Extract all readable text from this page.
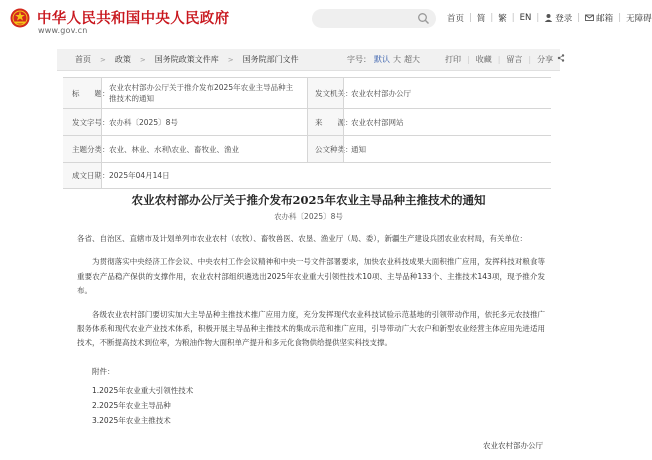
中华人民共和国中央人民政府
www.gov.cn
首页 | 简 | 繁 | EN |	登录 |	邮箱 | 无障碍
首页 > 政策 > 国务院政策文件库 > 国务院部门文件	字号： 默认 大 超大	打印 | 收藏 | 留言 | 分享
标　　题：
农业农村部办公厅关于推介发布2025年农业主导品种主推技术的通知
发文机关：
农业农村部办公厅
发文字号： 农办科〔2025〕8号	来　　源：
农业农村部网站
主题分类： 农业、林业、水利\农业、畜牧业、渔业	公文种类：
通知
成文日期： 2025年04月14日
农业农村部办公厅关于推介发布2025年农业主导品种主推技术的通知
农办科〔2025〕8号

各省、自治区、直辖市及计划单列市农业农村（农牧）、畜牧兽医、农垦、渔业厅（局、委），新疆生产建设兵团农业农村局，有关单位：

为贯彻落实中央经济工作会议、中央农村工作会议精神和中央一号文件部署要求，加快农业科技成果大面积推广应用，发挥科技对粮食等重要农产品稳产保供的支撑作用，农业农村部组织遴选出2025年农业重大引领性技术10项、主导品种133个、主推技术143项，现予推介发布。

各级农业农村部门要切实加大主导品种主推技术推广应用力度，充分发挥现代农业科技试验示范基地的引领带动作用，依托多元农技推广服务体系和现代农业产业技术体系，积极开展主导品种主推技术的集成示范和推广应用，引导带动广大农户和新型农业经营主体应用先进适用技术，不断提高技术到位率，为粮油作物大面积单产提升和多元化食物供给提供坚实科技支撑。

附件：
1.2025年农业重大引领性技术
2.2025年农业主导品种
3.2025年农业主推技术
农业农村部办公厅
